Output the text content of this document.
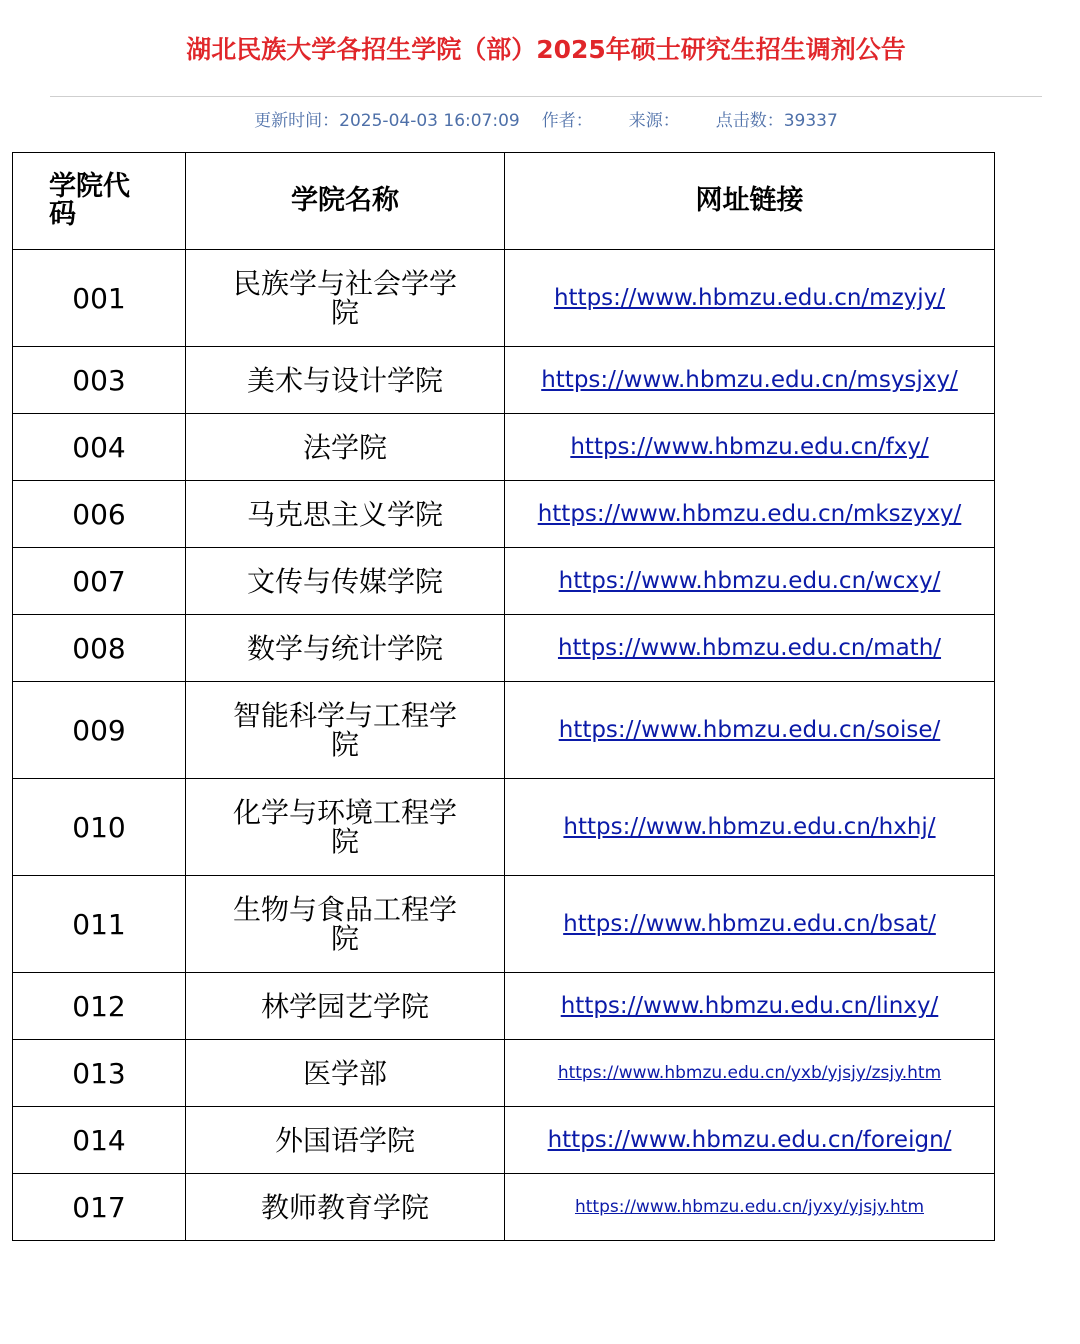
湖北民族大学各招生学院（部）2025年硕士研究生招生调剂公告
更新时间：2025-04-03 16:07:09 作者： 来源： 点击数：39337
学院代码	学院名称	网址链接
001	民族学与社会学学院	https://www.hbmzu.edu.cn/mzyjy/
003	美术与设计学院	https://www.hbmzu.edu.cn/msysjxy/
004	法学院	https://www.hbmzu.edu.cn/fxy/
006	马克思主义学院	https://www.hbmzu.edu.cn/mkszyxy/
007	文传与传媒学院	https://www.hbmzu.edu.cn/wcxy/
008	数学与统计学院	https://www.hbmzu.edu.cn/math/
009	智能科学与工程学院	https://www.hbmzu.edu.cn/soise/
010	化学与环境工程学院	https://www.hbmzu.edu.cn/hxhj/
011	生物与食品工程学院	https://www.hbmzu.edu.cn/bsat/
012	林学园艺学院	https://www.hbmzu.edu.cn/linxy/
013	医学部	https://www.hbmzu.edu.cn/yxb/yjsjy/zsjy.htm
014	外国语学院	https://www.hbmzu.edu.cn/foreign/
017	教师教育学院	https://www.hbmzu.edu.cn/jyxy/yjsjy.htm
